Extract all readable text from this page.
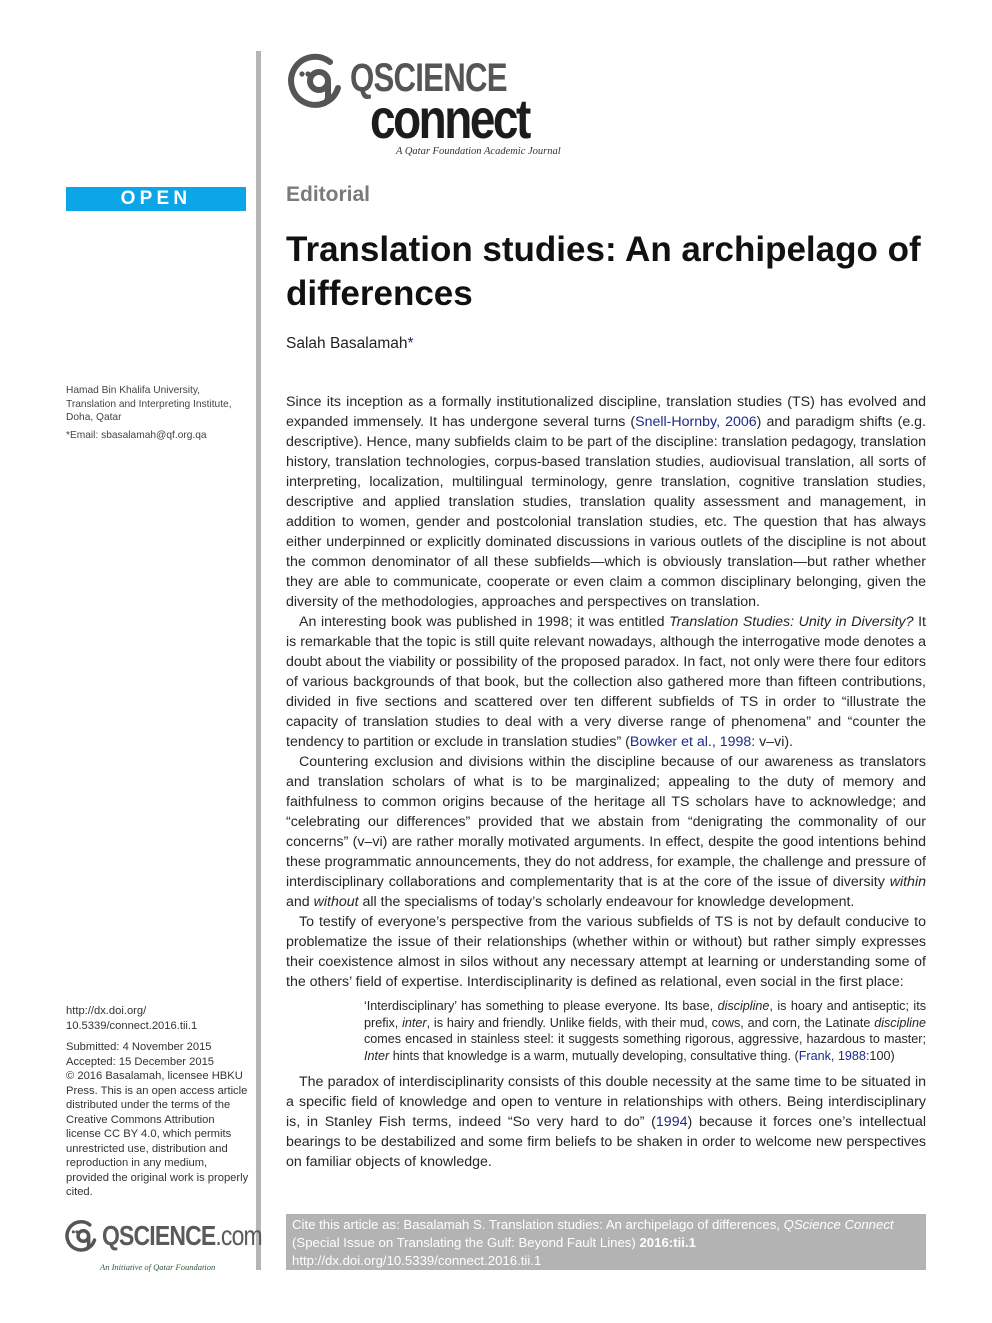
QSCIENCE
connect
A Qatar Foundation Academic Journal
OPEN ACCESS
Hamad Bin Khalifa University,
Translation and Interpreting Institute,
Doha, Qatar
*Email: sbasalamah@qf.org.qa
http://dx.doi.org/
10.5339/connect.2016.tii.1
Submitted: 4 November 2015
Accepted: 15 December 2015
© 2016 Basalamah, licensee HBKU Press. This is an open access article distributed under the terms of the Creative Commons Attribution license CC BY 4.0, which permits unrestricted use, distribution and reproduction in any medium, provided the original work is properly cited.
QSCIENCE.com
An Initiative of Qatar Foundation
Editorial
Translation studies: An archipelago of differences
Salah Basalamah*

Since its inception as a formally institutionalized discipline, translation studies (TS) has evolved and expanded immensely. It has undergone several turns (Snell-Hornby, 2006) and paradigm shifts (e.g. descriptive). Hence, many subfields claim to be part of the discipline: translation pedagogy, translation history, translation technologies, corpus-based translation studies, audiovisual translation, all sorts of interpreting, localization, multilingual terminology, genre translation, cognitive translation studies, descriptive and applied translation studies, translation quality assessment and management, in addition to women, gender and postcolonial translation studies, etc. The question that has always either underpinned or explicitly dominated discussions in various outlets of the discipline is not about the common denominator of all these subfields—which is obviously translation—but rather whether they are able to communicate, cooperate or even claim a common disciplinary belonging, given the diversity of the methodologies, approaches and perspectives on translation.

An interesting book was published in 1998; it was entitled Translation Studies: Unity in Diversity? It is remarkable that the topic is still quite relevant nowadays, although the interrogative mode denotes a doubt about the viability or possibility of the proposed paradox. In fact, not only were there four editors of various backgrounds of that book, but the collection also gathered more than fifteen contributions, divided in five sections and scattered over ten different subfields of TS in order to “illustrate the capacity of translation studies to deal with a very diverse range of phenomena” and “counter the tendency to partition or exclude in translation studies” (Bowker et al., 1998: v–vi).

Countering exclusion and divisions within the discipline because of our awareness as translators and translation scholars of what is to be marginalized; appealing to the duty of memory and faithfulness to common origins because of the heritage all TS scholars have to acknowledge; and “celebrating our differences” provided that we abstain from “denigrating the commonality of our concerns” (v–vi) are rather morally motivated arguments. In effect, despite the good intentions behind these programmatic announcements, they do not address, for example, the challenge and pressure of interdisciplinary collaborations and complementarity that is at the core of the issue of diversity within and without all the specialisms of today’s scholarly endeavour for knowledge development.

To testify of everyone’s perspective from the various subfields of TS is not by default conducive to problematize the issue of their relationships (whether within or without) but rather simply expresses their coexistence almost in silos without any necessary attempt at learning or understanding some of the others’ field of expertise. Interdisciplinarity is defined as relational, even social in the first place:

‘Interdisciplinary’ has something to please everyone. Its base, discipline, is hoary and antiseptic; its prefix, inter, is hairy and friendly. Unlike fields, with their mud, cows, and corn, the Latinate discipline comes encased in stainless steel: it suggests something rigorous, aggressive, hazardous to master; Inter hints that knowledge is a warm, mutually developing, consultative thing. (Frank, 1988:100)

The paradox of interdisciplinarity consists of this double necessity at the same time to be situated in a specific field of knowledge and open to venture in relationships with others. Being interdisciplinary is, in Stanley Fish terms, indeed “So very hard to do” (1994) because it forces one’s intellectual bearings to be destabilized and some firm beliefs to be shaken in order to welcome new perspectives on familiar objects of knowledge.

Cite this article as: Basalamah S. Translation studies: An archipelago of differences, QScience Connect (Special Issue on Translating the Gulf: Beyond Fault Lines) 2016:tii.1
http://dx.doi.org/10.5339/connect.2016.tii.1
